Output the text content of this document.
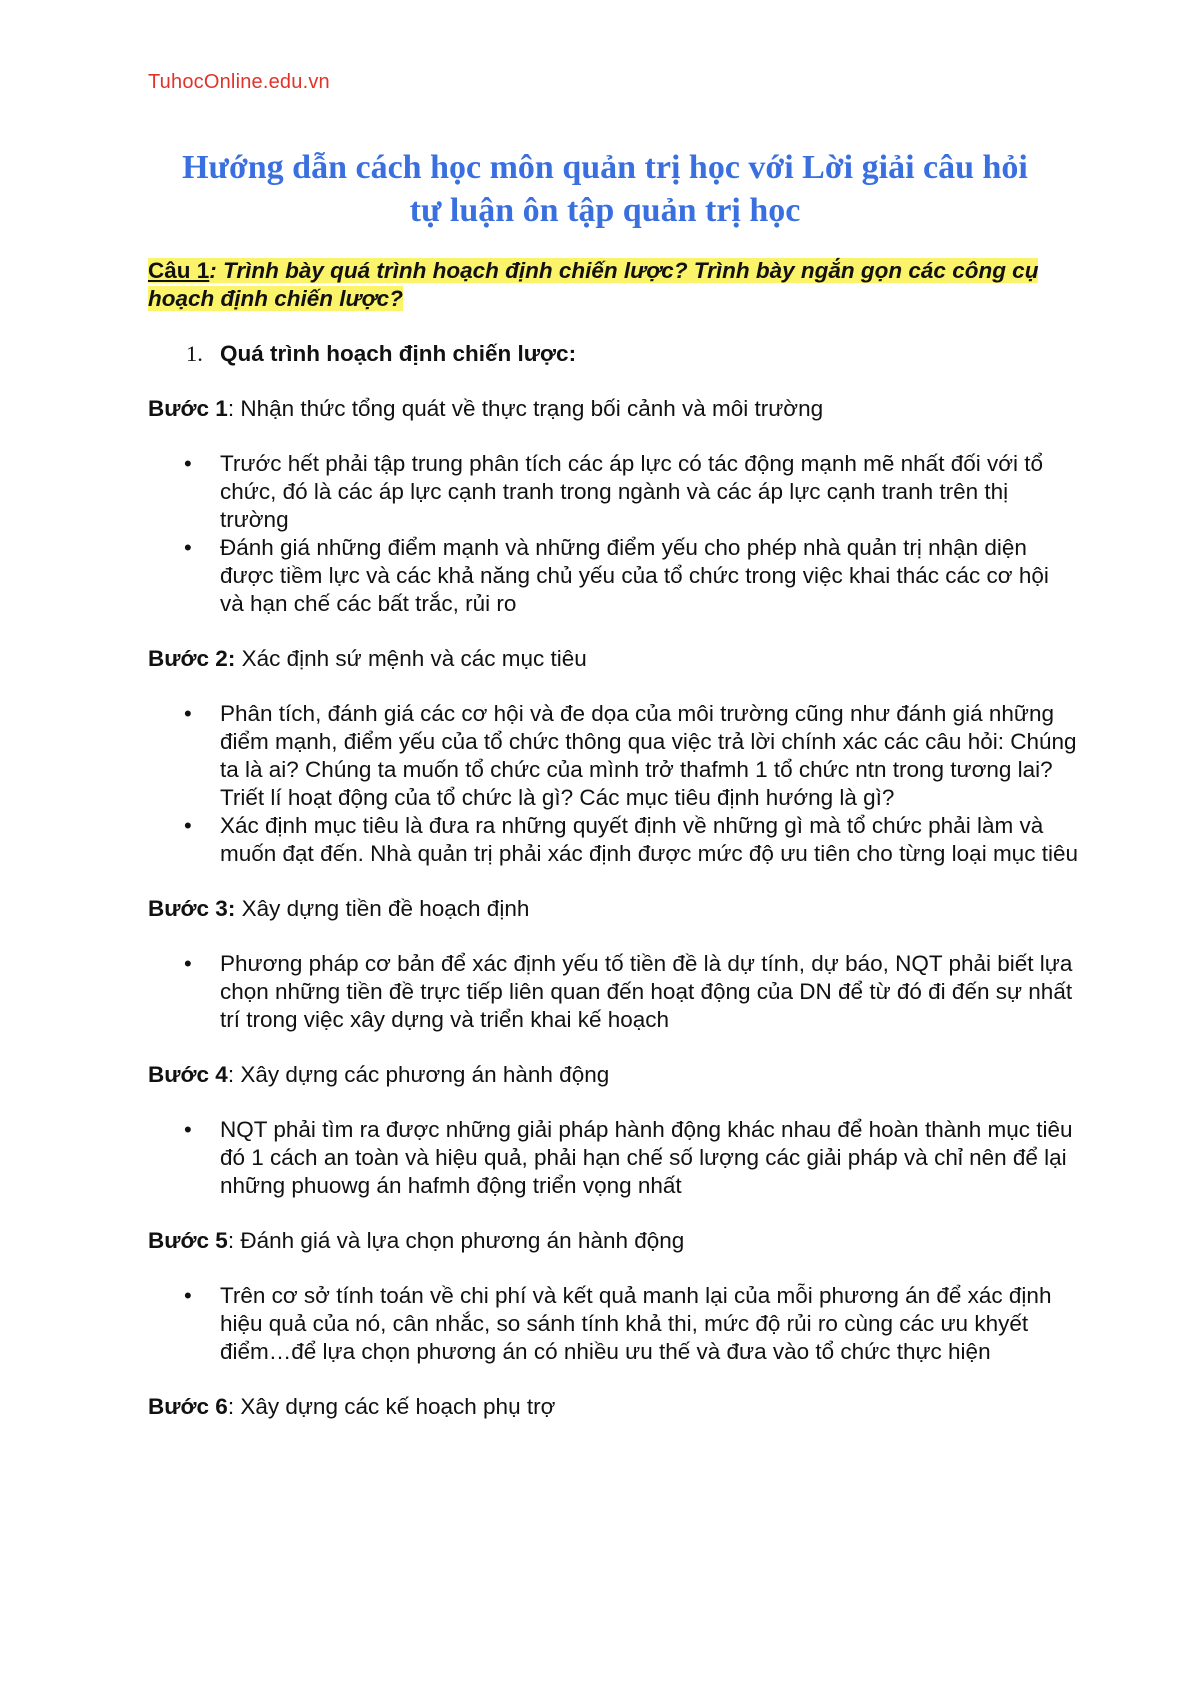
TuhocOnline.edu.vn
Hướng dẫn cách học môn quản trị học với Lời giải câu hỏi
tự luận ôn tập quản trị học
Câu 1: Trình bày quá trình hoạch định chiến lược? Trình bày ngắn gọn các công cụ hoạch định chiến lược?
1. Quá trình hoạch định chiến lược:

Bước 1: Nhận thức tổng quát về thực trạng bối cảnh và môi trường

• Trước hết phải tập trung phân tích các áp lực có tác động mạnh mẽ nhất đối với tổ chức, đó là các áp lực cạnh tranh trong ngành và các áp lực cạnh tranh trên thị trường
• Đánh giá những điểm mạnh và những điểm yếu cho phép nhà quản trị nhận diện được tiềm lực và các khả năng chủ yếu của tổ chức trong việc khai thác các cơ hội và hạn chế các bất trắc, rủi ro

Bước 2: Xác định sứ mệnh và các mục tiêu

• Phân tích, đánh giá các cơ hội và đe dọa của môi trường cũng như đánh giá những điểm mạnh, điểm yếu của tổ chức thông qua việc trả lời chính xác các câu hỏi: Chúng ta là ai? Chúng ta muốn tổ chức của mình trở thafmh 1 tổ chức ntn trong tương lai? Triết lí hoạt động của tổ chức là gì? Các mục tiêu định hướng là gì?
• Xác định mục tiêu là đưa ra những quyết định về những gì mà tổ chức phải làm và muốn đạt đến. Nhà quản trị phải xác định được mức độ ưu tiên cho từng loại mục tiêu

Bước 3: Xây dựng tiền đề hoạch định

• Phương pháp cơ bản để xác định yếu tố tiền đề là dự tính, dự báo, NQT phải biết lựa chọn những tiền đề trực tiếp liên quan đến hoạt động của DN để từ đó đi đến sự nhất trí trong việc xây dựng và triển khai kế hoạch

Bước 4: Xây dựng các phương án hành động

• NQT phải tìm ra được những giải pháp hành động khác nhau để hoàn thành mục tiêu đó 1 cách an toàn và hiệu quả, phải hạn chế số lượng các giải pháp và chỉ nên để lại những phuowg án hafmh động triển vọng nhất

Bước 5: Đánh giá và lựa chọn phương án hành động

• Trên cơ sở tính toán về chi phí và kết quả manh lại của mỗi phương án để xác định hiệu quả của nó, cân nhắc, so sánh tính khả thi, mức độ rủi ro cùng các ưu khyết điểm…để lựa chọn phương án có nhiều ưu thế và đưa vào tổ chức thực hiện

Bước 6: Xây dựng các kế hoạch phụ trợ
